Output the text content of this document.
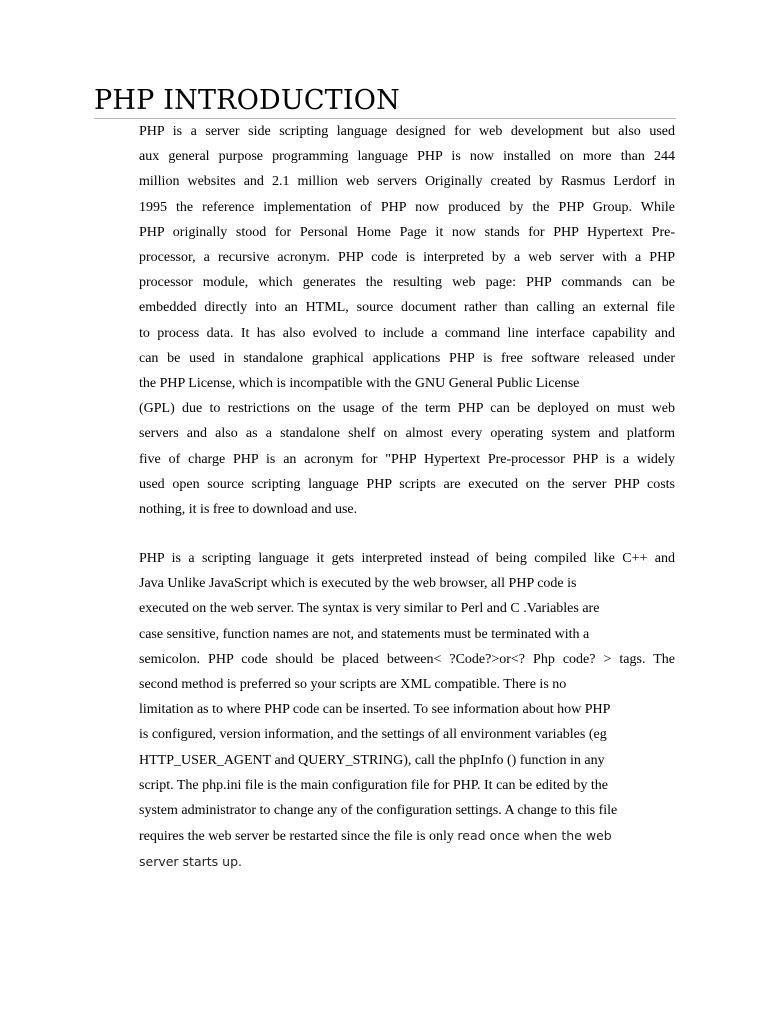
PHP INTRODUCTION
PHP is a server side scripting language designed for web development but also used
aux general purpose programming language PHP is now installed on more than 244
million websites and 2.1 million web servers Originally created by Rasmus Lerdorf in
1995 the reference implementation of PHP now produced by the PHP Group. While
PHP originally stood for Personal Home Page it now stands for PHP Hypertext Pre-
processor, a recursive acronym. PHP code is interpreted by a web server with a PHP
processor module, which generates the resulting web page: PHP commands can be
embedded directly into an HTML, source document rather than calling an external file
to process data. It has also evolved to include a command line interface capability and
can be used in standalone graphical applications PHP is free software released under
the PHP License, which is incompatible with the GNU General Public License
(GPL) due to restrictions on the usage of the term PHP can be deployed on must web
servers and also as a standalone shelf on almost every operating system and platform
five of charge PHP is an acronym for "PHP Hypertext Pre-processor PHP is a widely
used open source scripting language PHP scripts are executed on the server PHP costs
nothing, it is free to download and use.
PHP is a scripting language it gets interpreted instead of being compiled like C++ and
Java Unlike JavaScript which is executed by the web browser, all PHP code is
executed on the web server. The syntax is very similar to Perl and C .Variables are
case sensitive, function names are not, and statements must be terminated with a
semicolon. PHP code should be placed between< ?Code?>or<? Php code? > tags. The
second method is preferred so your scripts are XML compatible. There is no
limitation as to where PHP code can be inserted. To see information about how PHP
is configured, version information, and the settings of all environment variables (eg
HTTP_USER_AGENT and QUERY_STRING), call the phpInfo () function in any
script. The php.ini file is the main configuration file for PHP. It can be edited by the
system administrator to change any of the configuration settings. A change to this file
requires the web server be restarted since the file is only read once when the web
server starts up.
